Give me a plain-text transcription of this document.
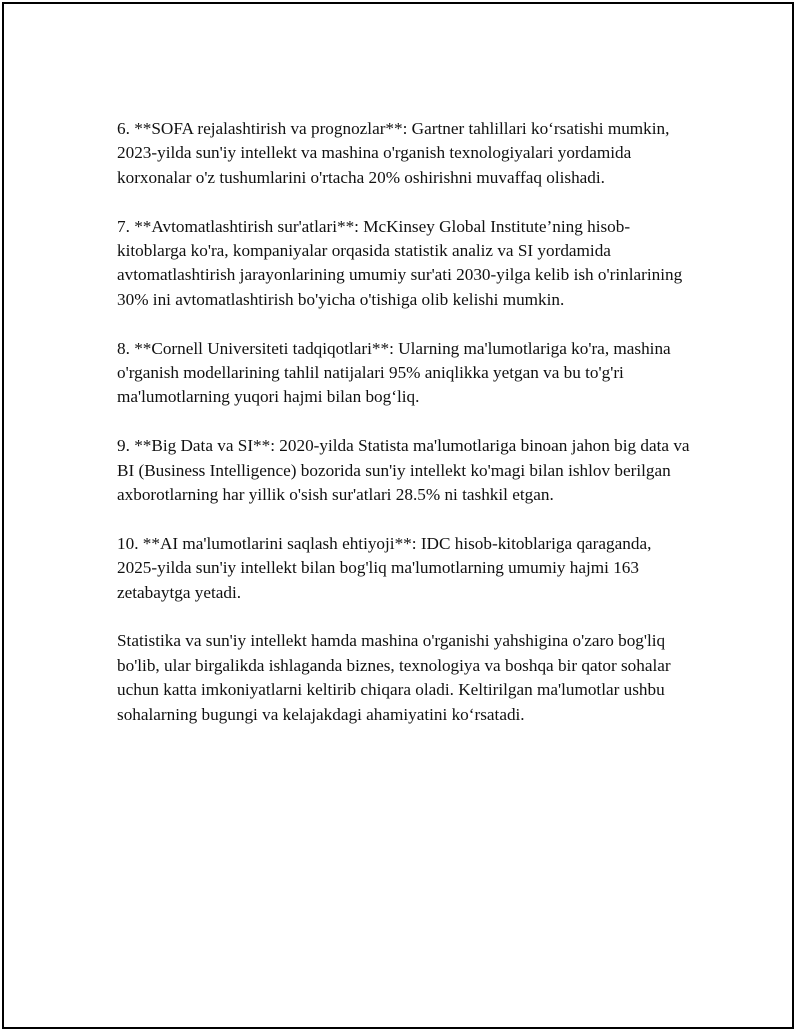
6. **SOFA rejalashtirish va prognozlar**: Gartner tahlillari koʻrsatishi mumkin, 2023-yilda sun'iy intellekt va mashina o'rganish texnologiyalari yordamida korxonalar o'z tushumlarini o'rtacha 20% oshirishni muvaffaq olishadi.

7. **Avtomatlashtirish sur'atlari**: McKinsey Global Institute’ning hisob-kitoblarga ko'ra, kompaniyalar orqasida statistik analiz va SI yordamida avtomatlashtirish jarayonlarining umumiy sur'ati 2030-yilga kelib ish o'rinlarining 30% ini avtomatlashtirish bo'yicha o'tishiga olib kelishi mumkin.

8. **Cornell Universiteti tadqiqotlari**: Ularning ma'lumotlariga ko'ra, mashina o'rganish modellarining tahlil natijalari 95% aniqlikka yetgan va bu to'g'ri ma'lumotlarning yuqori hajmi bilan bogʻliq.

9. **Big Data va SI**: 2020-yilda Statista ma'lumotlariga binoan jahon big data va BI (Business Intelligence) bozorida sun'iy intellekt ko'magi bilan ishlov berilgan axborotlarning har yillik o'sish sur'atlari 28.5% ni tashkil etgan.

10. **AI ma'lumotlarini saqlash ehtiyoji**: IDC hisob-kitoblariga qaraganda, 2025-yilda sun'iy intellekt bilan bog'liq ma'lumotlarning umumiy hajmi 163 zetabaytga yetadi.

Statistika va sun'iy intellekt hamda mashina o'rganishi yahshigina o'zaro bog'liq bo'lib, ular birgalikda ishlaganda biznes, texnologiya va boshqa bir qator sohalar uchun katta imkoniyatlarni keltirib chiqara oladi. Keltirilgan ma'lumotlar ushbu sohalarning bugungi va kelajakdagi ahamiyatini koʻrsatadi.
